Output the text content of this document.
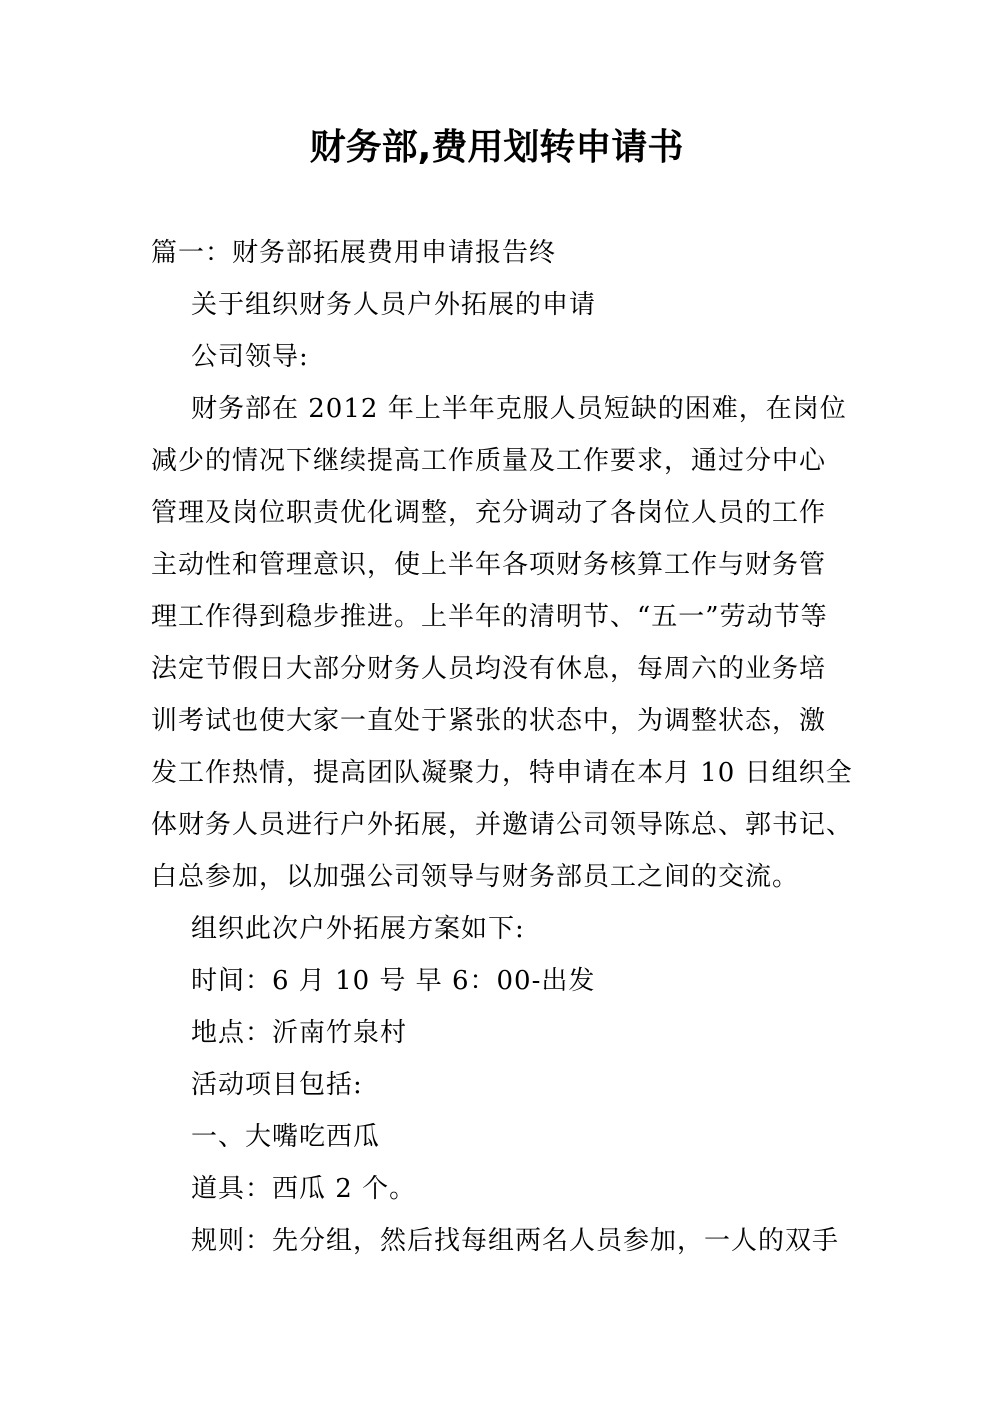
财务部,费用划转申请书
篇一：财务部拓展费用申请报告终
关于组织财务人员户外拓展的申请
公司领导:
财务部在 2012 年上半年克服人员短缺的困难，在岗位
减少的情况下继续提高工作质量及工作要求，通过分中心
管理及岗位职责优化调整，充分调动了各岗位人员的工作
主动性和管理意识，使上半年各项财务核算工作与财务管
理工作得到稳步推进。上半年的清明节、“五一”劳动节等
法定节假日大部分财务人员均没有休息，每周六的业务培
训考试也使大家一直处于紧张的状态中，为调整状态，激
发工作热情，提高团队凝聚力，特申请在本月 10 日组织全
体财务人员进行户外拓展，并邀请公司领导陈总、郭书记、
白总参加，以加强公司领导与财务部员工之间的交流。
组织此次户外拓展方案如下:
时间：6 月 10 号 早 6：00-出发
地点：沂南竹泉村
活动项目包括:
一、大嘴吃西瓜
道具：西瓜 2 个。
规则：先分组，然后找每组两名人员参加，一人的双手
